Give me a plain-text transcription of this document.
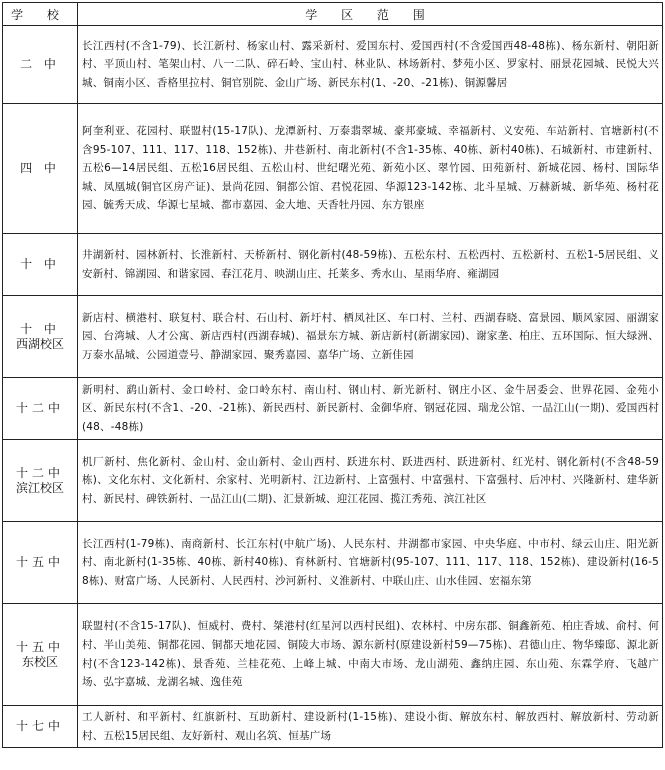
学 校	学 区 范 围

二 中	长江西村(不含1-79)、长江新村、杨家山村、露采新村、爱国东村、爱国西村(不含爱国西48-48栋)、杨东新村、朝阳新村、平顶山村、笔架山村、八一二队、碎石岭、宝山村、林业队、林场新村、梦苑小区、罗家村、丽景花园城、民悦大兴城、铜南小区、香格里拉村、铜官别院、金山广场、新民东村(1、-20、-21栋)、铜源馨居

四 中	阿奎利亚、花园村、联盟村(15-17队)、龙潭新村、万泰翡翠城、豪邦豪城、幸福新村、义安苑、车站新村、官塘新村(不含95-107、111、117、118、152栋)、井巷新村、南北新村(不含1-35栋、40栋、新村40栋)、石城新村、市建新村、五松6—14居民组、五松16居民组、五松山村、世纪曙光苑、新苑小区、翠竹园、田苑新村、新城花园、杨村、国际华城、凤凰城(铜官区房产证)、景尚花园、铜都公馆、君悦花园、华源123-142栋、北斗星城、万赫新城、新华苑、杨村花园、毓秀天成、华源七星城、都市嘉园、金大地、天香牡丹园、东方银座

十 中	井湖新村、园林新村、长淮新村、天桥新村、钢化新村(48-59栋)、五松东村、五松西村、五松新村、五松1-5居民组、义安新村、锦湖园、和谐家园、春江花月、映湖山庄、托莱多、秀水山、星雨华府、雍湖园

十 中
西湖校区	新店村、横港村、联复村、联合村、石山村、新圩村、栖凤社区、车口村、兰村、西湖春晓、富景园、顺风家园、丽湖家园、台湾城、人才公寓、新店西村(西湖春城)、福景东方城、新店新村(新湖家园)、谢家垄、柏庄、五环国际、恒大绿洲、万泰水晶城、公园道壹号、静湖家园、聚秀嘉园、嘉华广场、立新佳园

十二中	新明村、鹞山新村、金口岭村、金口岭东村、南山村、钢山村、新光新村、钢庄小区、金牛居委会、世界花园、金苑小区、新民东村(不含1、-20、-21栋)、新民西村、新民新村、金御华府、钢冠花园、瑞龙公馆、一品江山(一期)、爱国西村(48、-48栋)

十二中
滨江校区	机厂新村、焦化新村、金山村、金山新村、金山西村、跃进东村、跃进西村、跃进新村、红光村、钢化新村(不含48-59栋)、文化东村、文化新村、余家村、光明新村、江边新村、上富强村、中富强村、下富强村、后冲村、兴隆新村、建华新村、新民村、碑铁新村、一品江山(二期)、汇景新城、迎江花园、揽江秀苑、滨江社区

十五中	长江西村(1-79栋)、南商新村、长江东村(中航广场)、人民东村、井湖都市家园、中央华庭、中市村、绿云山庄、阳光新村、南北新村(1-35栋、40栋、新村40栋)、育林新村、官塘新村(95-107、111、117、118、152栋)、建设新村(16-58栋)、财富广场、人民新村、人民西村、沙河新村、义淮新村、中联山庄、山水佳园、宏福东第

十五中
东校区	联盟村(不含15-17队)、恒威村、费村、桀港村(红星河以西村民组)、农林村、中房东郡、铜鑫新苑、柏庄香域、俞村、何村、半山美苑、铜都花园、铜都天地花园、铜陵大市场、源东新村(原建设新村59—75栋)、君德山庄、物华臻邸、源北新村(不含123-142栋)、景香苑、兰桂花苑、上峰上城、中南大市场、龙山湖苑、鑫纳庄园、东山苑、东霖学府、飞越广场、弘宇嘉城、龙湖名城、逸佳苑

十七中	工人新村、和平新村、红旗新村、互助新村、建设新村(1-15栋)、建设小街、解放东村、解放西村、解放新村、劳动新村、五松15居民组、友好新村、观山名筑、恒基广场
